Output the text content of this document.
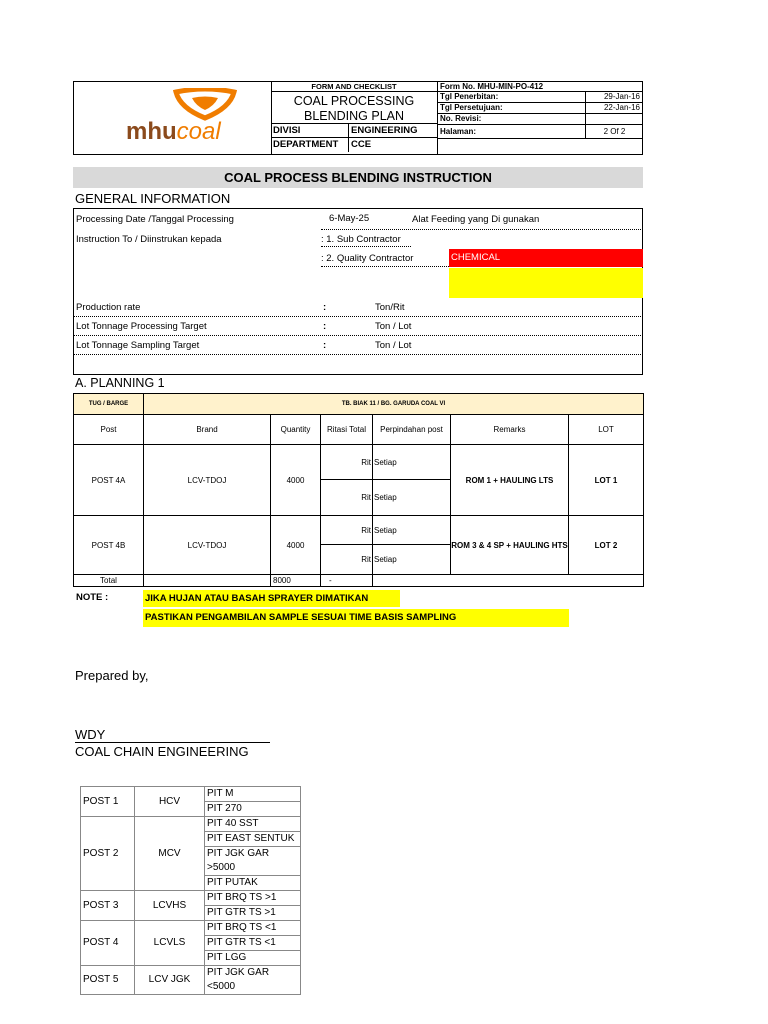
mhucoal
FORM AND CHECKLIST
COAL PROCESSING
BLENDING PLAN
DIVISI	ENGINEERING
DEPARTMENT	CCE
Form No. MHU-MIN-PO-412
Tgl Penerbitan:	29-Jan-16
Tgl Persetujuan:	22-Jan-16
No. Revisi:
Halaman:	2 Of 2
COAL PROCESS BLENDING INSTRUCTION
GENERAL INFORMATION
Processing Date /Tanggal Processing	6-May-25	Alat Feeding yang Di gunakan
Instruction To / Diinstrukan kepada	: 1. Sub Contractor
: 2. Quality Contractor	CHEMICAL
Production rate	:	Ton/Rit
Lot Tonnage Processing Target	:	Ton / Lot
Lot Tonnage Sampling Target	:	Ton / Lot
A. PLANNING 1
TUG / BARGE	TB. BIAK 11 / BG. GARUDA COAL VI					
Post	Brand	Quantity	Ritasi Total	Perpindahan post	Remarks	LOT
POST 4A	LCV-TDOJ	4000	Rit	Setiap	ROM 1 + HAULING LTS	LOT 1
			Rit	Setiap		
POST 4B	LCV-TDOJ	4000	Rit	Setiap	ROM 3 & 4 SP + HAULING HTS	LOT 2
			Rit	Setiap		
Total		8000	-			
NOTE :	JIKA HUJAN ATAU BASAH SPRAYER DIMATIKAN
PASTIKAN PENGAMBILAN SAMPLE SESUAI TIME BASIS SAMPLING
Prepared by,
WDY
COAL CHAIN ENGINEERING
POST 1	HCV	PIT M
		PIT 270
POST 2	MCV	PIT 40 SST
		PIT EAST SENTUK
		PIT JGK GAR >5000
		PIT PUTAK
POST 3	LCVHS	PIT BRQ TS >1
		PIT GTR TS >1
POST 4	LCVLS	PIT BRQ TS <1
		PIT GTR TS <1
		PIT LGG
POST 5	LCV JGK	PIT JGK GAR <5000
